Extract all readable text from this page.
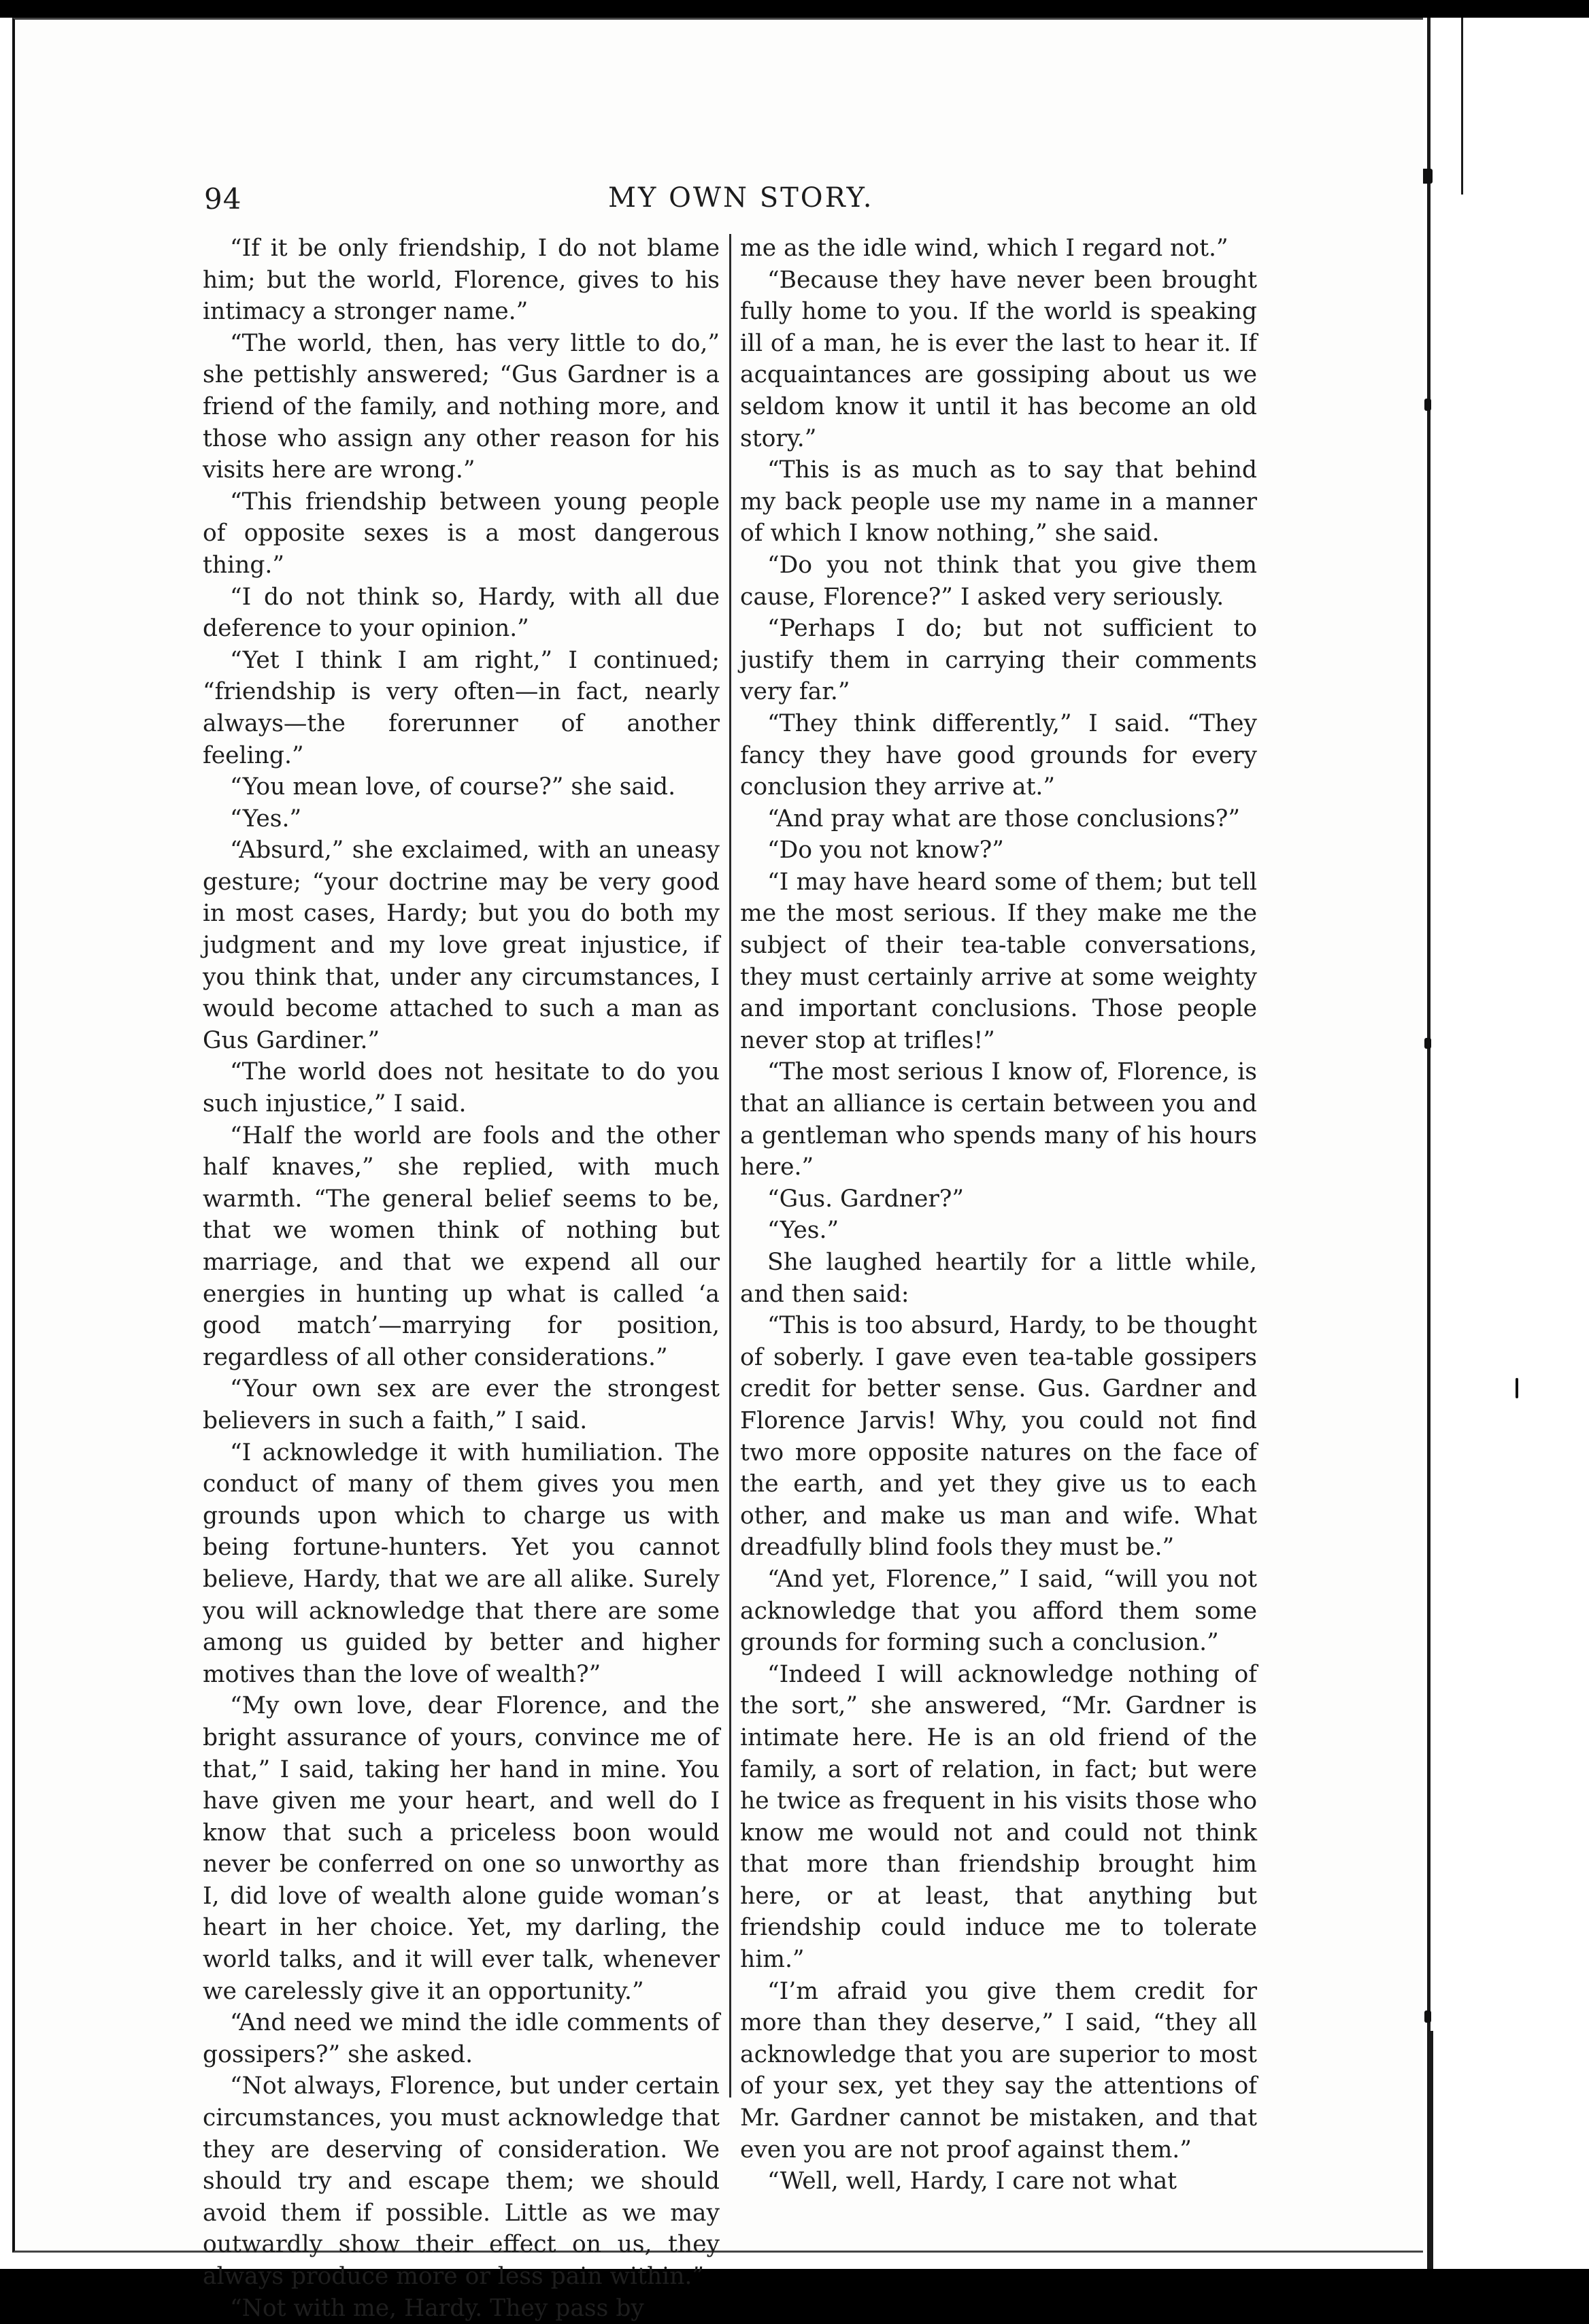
94	MY OWN STORY.

“If it be only friendship, I do not blame him; but the world, Florence, gives to his intimacy a stronger name.”

“The world, then, has very little to do,” she pettishly answered; “Gus Gardner is a friend of the family, and nothing more, and those who assign any other reason for his visits here are wrong.”

“This friendship between young people of opposite sexes is a most dangerous thing.”

“I do not think so, Hardy, with all due deference to your opinion.”

“Yet I think I am right,” I continued; “friendship is very often—in fact, nearly always—the forerunner of another feeling.”

“You mean love, of course?” she said.

“Yes.”

“Absurd,” she exclaimed, with an uneasy gesture; “your doctrine may be very good in most cases, Hardy; but you do both my judgment and my love great injustice, if you think that, under any circumstances, I would become attached to such a man as Gus Gardiner.”

“The world does not hesitate to do you such injustice,” I said.

“Half the world are fools and the other half knaves,” she replied, with much warmth. “The general belief seems to be, that we women think of nothing but marriage, and that we expend all our energies in hunting up what is called ‘a good match’—marrying for position, regardless of all other considerations.”

“Your own sex are ever the strongest believers in such a faith,” I said.

“I acknowledge it with humiliation. The conduct of many of them gives you men grounds upon which to charge us with being fortune-hunters. Yet you cannot believe, Hardy, that we are all alike. Surely you will acknowledge that there are some among us guided by better and higher motives than the love of wealth?”

“My own love, dear Florence, and the bright assurance of yours, convince me of that,” I said, taking her hand in mine. You have given me your heart, and well do I know that such a priceless boon would never be conferred on one so unworthy as I, did love of wealth alone guide woman’s heart in her choice. Yet, my darling, the world talks, and it will ever talk, whenever we carelessly give it an opportunity.”

“And need we mind the idle comments of gossipers?” she asked.

“Not always, Florence, but under certain circumstances, you must acknowledge that they are deserving of consideration. We should try and escape them; we should avoid them if possible. Little as we may outwardly show their effect on us, they always produce more or less pain within.”

“Not with me, Hardy. They pass by

me as the idle wind, which I regard not.”

“Because they have never been brought fully home to you. If the world is speaking ill of a man, he is ever the last to hear it. If acquaintances are gossiping about us we seldom know it until it has become an old story.”

“This is as much as to say that behind my back people use my name in a manner of which I know nothing,” she said.

“Do you not think that you give them cause, Florence?” I asked very seriously.

“Perhaps I do; but not sufficient to justify them in carrying their comments very far.”

“They think differently,” I said. “They fancy they have good grounds for every conclusion they arrive at.”

“And pray what are those conclusions?”

“Do you not know?”

“I may have heard some of them; but tell me the most serious. If they make me the subject of their tea-table conversations, they must certainly arrive at some weighty and important conclusions. Those people never stop at trifles!”

“The most serious I know of, Florence, is that an alliance is certain between you and a gentleman who spends many of his hours here.”

“Gus. Gardner?”

“Yes.”

She laughed heartily for a little while, and then said:

“This is too absurd, Hardy, to be thought of soberly. I gave even tea-table gossipers credit for better sense. Gus. Gardner and Florence Jarvis! Why, you could not find two more opposite natures on the face of the earth, and yet they give us to each other, and make us man and wife. What dreadfully blind fools they must be.”

“And yet, Florence,” I said, “will you not acknowledge that you afford them some grounds for forming such a conclusion.”

“Indeed I will acknowledge nothing of the sort,” she answered, “Mr. Gardner is intimate here. He is an old friend of the family, a sort of relation, in fact; but were he twice as frequent in his visits those who know me would not and could not think that more than friendship brought him here, or at least, that anything but friendship could induce me to tolerate him.”

“I’m afraid you give them credit for more than they deserve,” I said, “they all acknowledge that you are superior to most of your sex, yet they say the attentions of Mr. Gardner cannot be mistaken, and that even you are not proof against them.”

“Well, well, Hardy, I care not what
